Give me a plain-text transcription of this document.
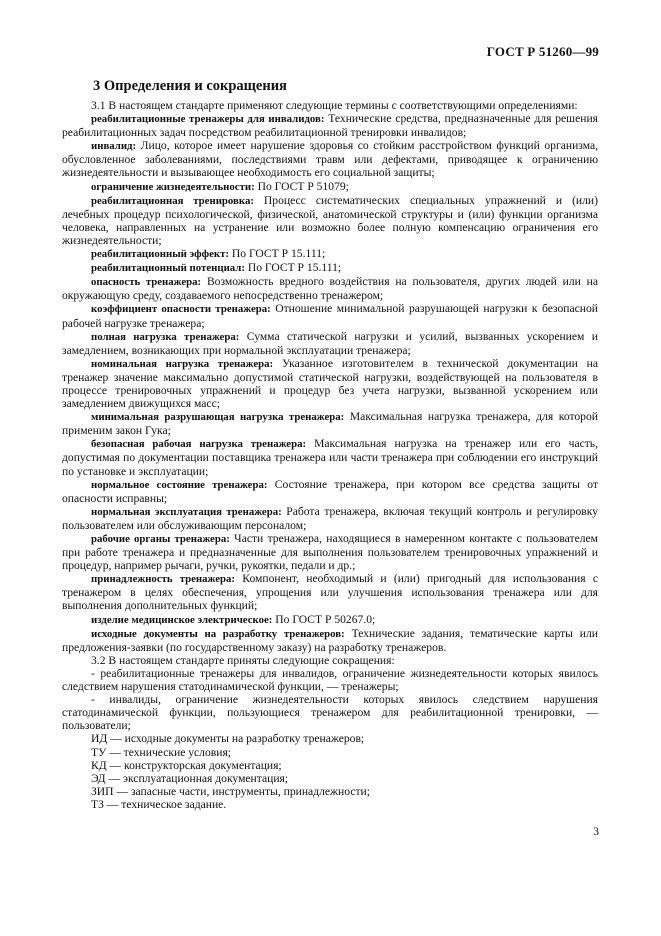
ГОСТ Р 51260—99
3 Определения и сокращения

3.1 В настоящем стандарте применяют следующие термины с соответствующими определениями:

реабилитационные тренажеры для инвалидов: Технические средства, предназначенные для решения реабилитационных задач посредством реабилитационной тренировки инвалидов;

инвалид: Лицо, которое имеет нарушение здоровья со стойким расстройством функций организма, обусловленное заболеваниями, последствиями травм или дефектами, приводящее к ограничению жизнедеятельности и вызывающее необходимость его социальной защиты;

ограничение жизнедеятельности: По ГОСТ Р 51079;

реабилитационная тренировка: Процесс систематических специальных упражнений и (или) лечебных процедур психологической, физической, анатомической структуры и (или) функции организма человека, направленных на устранение или возможно более полную компенсацию ограничения его жизнедеятельности;

реабилитационный эффект: По ГОСТ Р 15.111;

реабилитационный потенциал: По ГОСТ Р 15.111;

опасность тренажера: Возможность вредного воздействия на пользователя, других людей или на окружающую среду, создаваемого непосредственно тренажером;

коэффициент опасности тренажера: Отношение минимальной разрушающей нагрузки к безопасной рабочей нагрузке тренажера;

полная нагрузка тренажера: Сумма статической нагрузки и усилий, вызванных ускорением и замедлением, возникающих при нормальной эксплуатации тренажера;

номинальная нагрузка тренажера: Указанное изготовителем в технической документации на тренажер значение максимально допустимой статической нагрузки, воздействующей на пользователя в процессе тренировочных упражнений и процедур без учета нагрузки, вызванной ускорением или замедлением движущихся масс;

минимальная разрушающая нагрузка тренажера: Максимальная нагрузка тренажера, для которой применим закон Гука;

безопасная рабочая нагрузка тренажера: Максимальная нагрузка на тренажер или его часть, допустимая по документации поставщика тренажера или части тренажера при соблюдении его инструкций по установке и эксплуатации;

нормальное состояние тренажера: Состояние тренажера, при котором все средства защиты от опасности исправны;

нормальная эксплуатация тренажера: Работа тренажера, включая текущий контроль и регулировку пользователем или обслуживающим персоналом;

рабочие органы тренажера: Части тренажера, находящиеся в намеренном контакте с пользователем при работе тренажера и предназначенные для выполнения пользователем тренировочных упражнений и процедур, например рычаги, ручки, рукоятки, педали и др.;

принадлежность тренажера: Компонент, необходимый и (или) пригодный для использования с тренажером в целях обеспечения, упрощения или улучшения использования тренажера или для выполнения дополнительных функций;

изделие медицинское электрическое: По ГОСТ Р 50267.0;

исходные документы на разработку тренажеров: Технические задания, тематические карты или предложения-заявки (по государственному заказу) на разработку тренажеров.

3.2 В настоящем стандарте приняты следующие сокращения:

- реабилитационные тренажеры для инвалидов, ограничение жизнедеятельности которых явилось следствием нарушения статодинамической функции, — тренажеры;

- инвалиды, ограничение жизнедеятельности которых явилось следствием нарушения статодинамической функции, пользующиеся тренажером для реабилитационной тренировки, — пользователи;

ИД — исходные документы на разработку тренажеров;

ТУ — технические условия;

КД — конструкторская документация;

ЭД — эксплуатационная документация;

ЗИП — запасные части, инструменты, принадлежности;

ТЗ — техническое задание.

3
